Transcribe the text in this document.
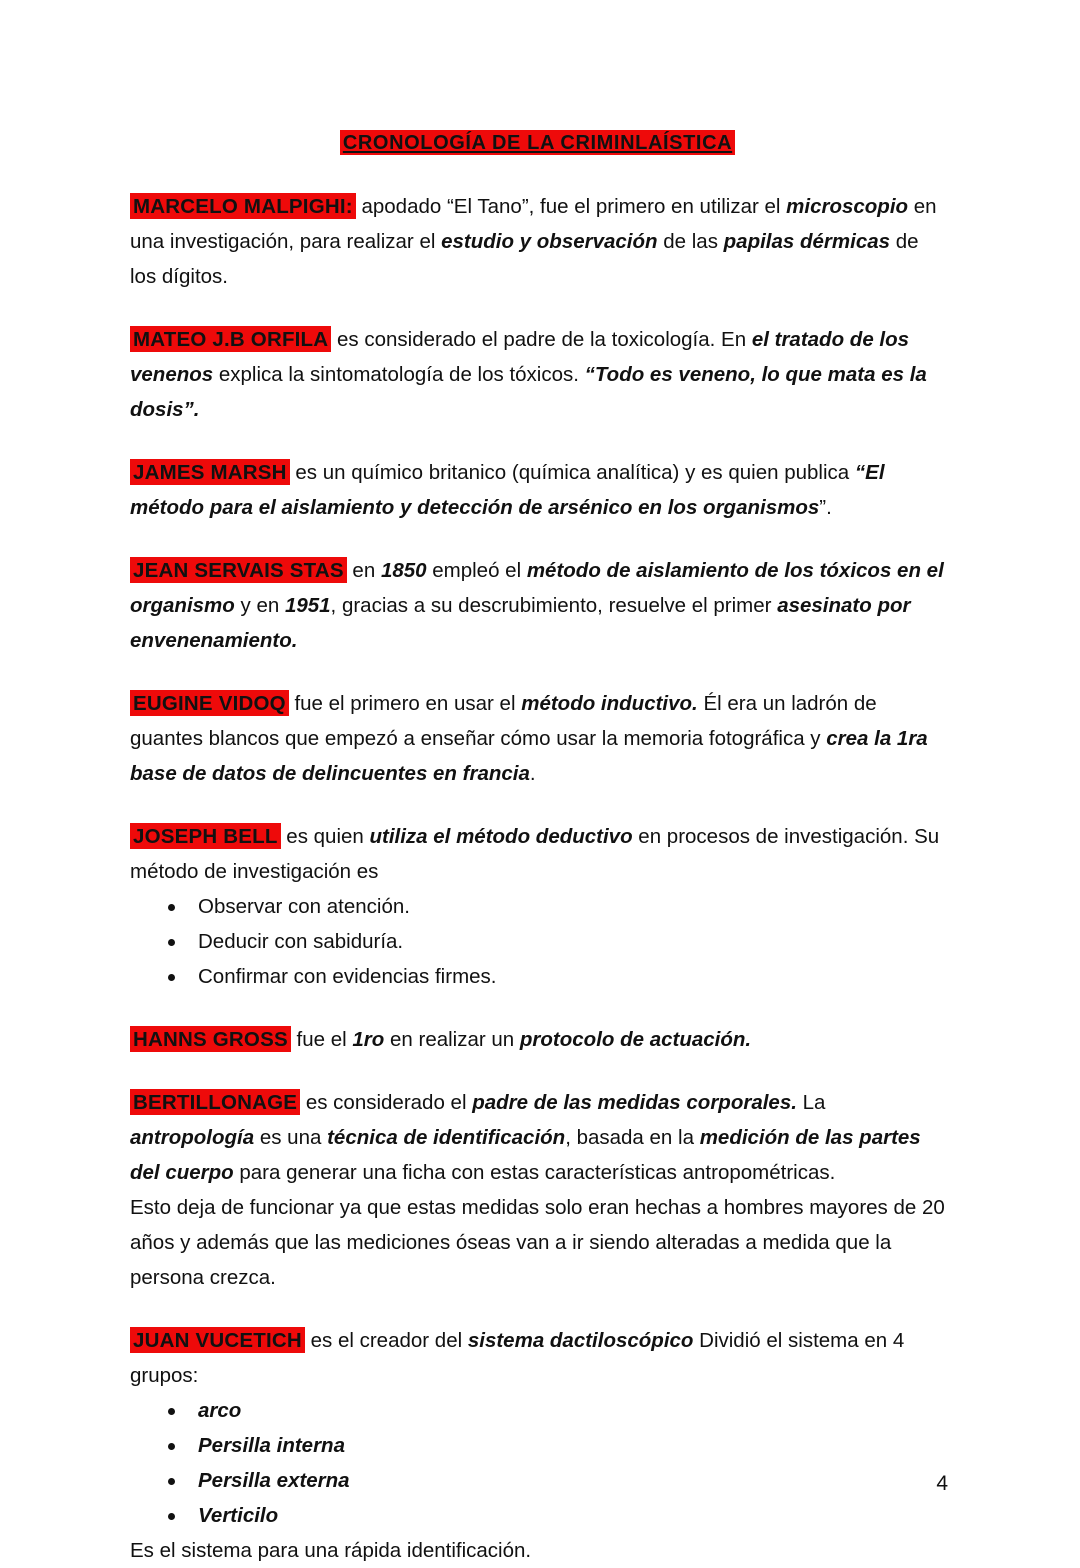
CRONOLOGÍA DE LA CRIMINLAÍSTICA

MARCELO MALPIGHI: apodado “El Tano”, fue el primero en utilizar el microscopio en una investigación, para realizar el estudio y observación de las papilas dérmicas de los dígitos.

MATEO J.B ORFILA es considerado el padre de la toxicología. En el tratado de los venenos explica la sintomatología de los tóxicos. “Todo es veneno, lo que mata es la dosis”.

JAMES MARSH es un químico britanico (química analítica) y es quien publica “El método para el aislamiento y detección de arsénico en los organismos”.

JEAN SERVAIS STAS en 1850 empleó el método de aislamiento de los tóxicos en el organismo y en 1951, gracias a su descrubimiento, resuelve el primer asesinato por envenenamiento.

EUGINE VIDOQ fue el primero en usar el método inductivo. Él era un ladrón de guantes blancos que empezó a enseñar cómo usar la memoria fotográfica y crea la 1ra base de datos de delincuentes en francia.

JOSEPH BELL es quien utiliza el método deductivo en procesos de investigación. Su método de investigación es

Observar con atención.
Deducir con sabiduría.
Confirmar con evidencias firmes.

HANNS GROSS fue el 1ro en realizar un protocolo de actuación.

BERTILLONAGE es considerado el padre de las medidas corporales. La antropología es una técnica de identificación, basada en la medición de las partes del cuerpo para generar una ficha con estas características antropométricas.

Esto deja de funcionar ya que estas medidas solo eran hechas a hombres mayores de 20 años y además que las mediciones óseas van a ir siendo alteradas a medida que la persona crezca.

JUAN VUCETICH es el creador del sistema dactiloscópico Dividió el sistema en 4 grupos:

arco
Persilla interna
Persilla externa
Verticilo

Es el sistema para una rápida identificación.

4
